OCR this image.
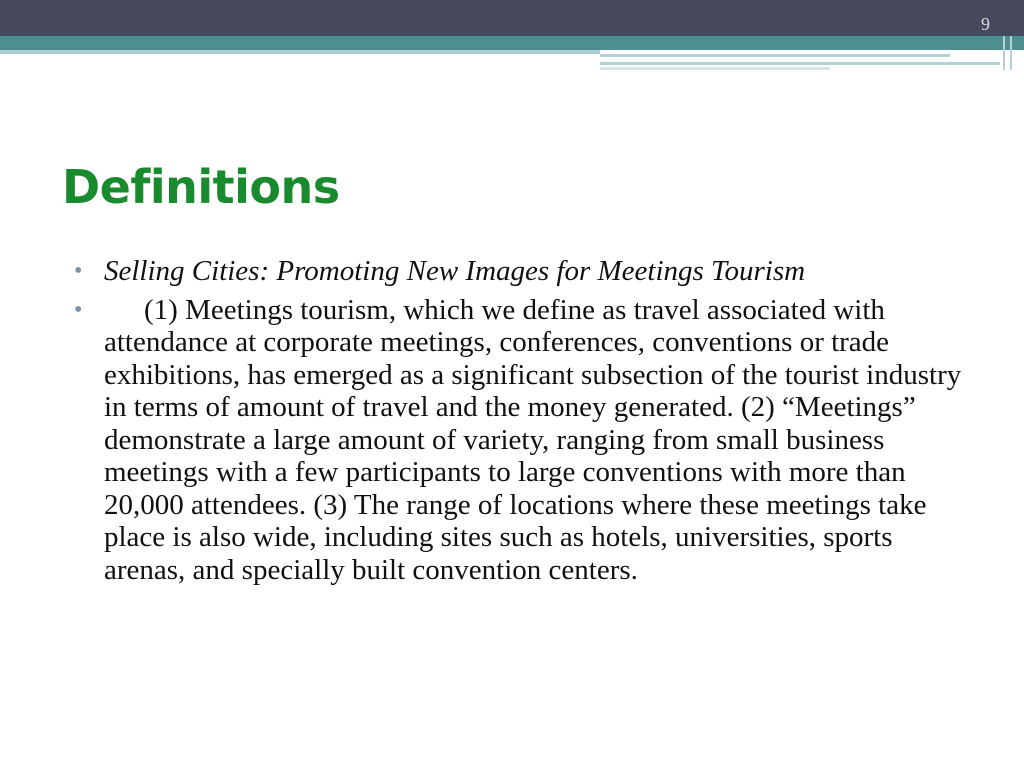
9
Definitions
• Selling Cities: Promoting New Images for Meetings Tourism
• (1) Meetings tourism, which we define as travel associated with attendance at corporate meetings, conferences, conventions or trade exhibitions, has emerged as a significant subsection of the tourist industry in terms of amount of travel and the money generated. (2) “Meetings” demonstrate a large amount of variety, ranging from small business meetings with a few participants to large conventions with more than 20,000 attendees. (3) The range of locations where these meetings take place is also wide, including sites such as hotels, universities, sports arenas, and specially built convention centers.
